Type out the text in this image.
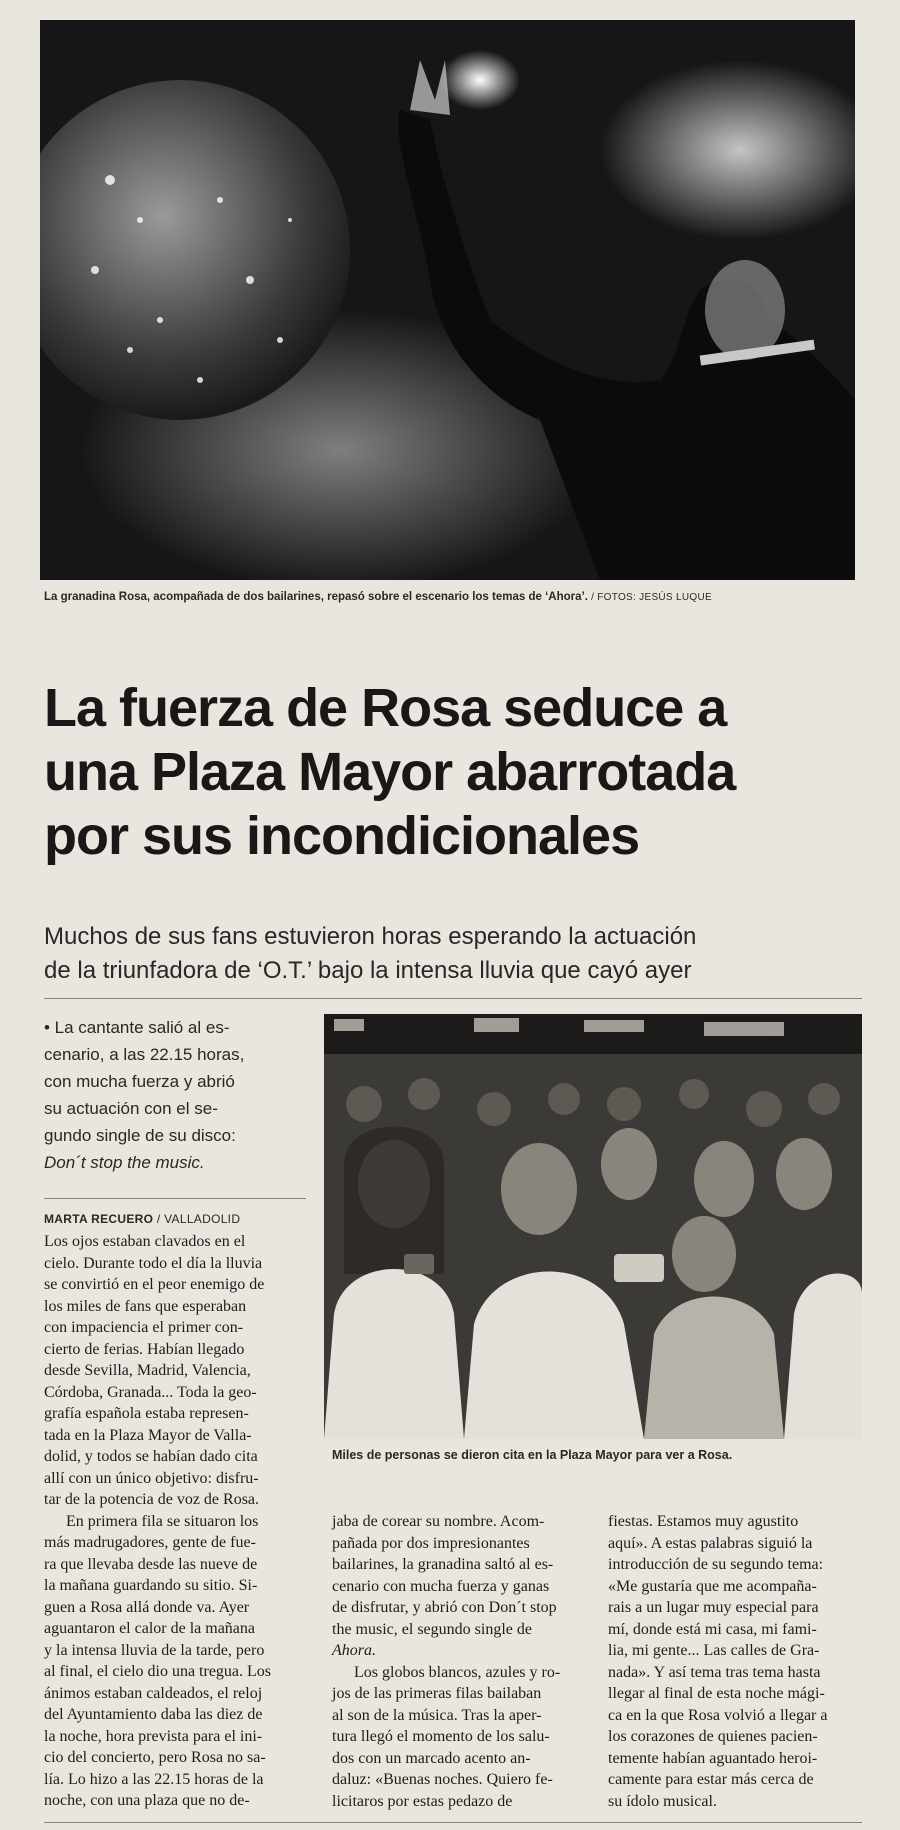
La granadina Rosa, acompañada de dos bailarines, repasó sobre el escenario los temas de ‘Ahora’. / FOTOS: JESÚS LUQUE
La fuerza de Rosa seduce a
una Plaza Mayor abarrotada
por sus incondicionales
Muchos de sus fans estuvieron horas esperando la actuación
de la triunfadora de ‘O.T.’ bajo la intensa lluvia que cayó ayer
• La cantante salió al es-
cenario, a las 22.15 horas,
con mucha fuerza y abrió
su actuación con el se-
gundo single de su disco:
Don´t stop the music.
MARTA RECUERO / VALLADOLID
Miles de personas se dieron cita en la Plaza Mayor para ver a Rosa.
Los ojos estaban clavados en el
cielo. Durante todo el día la lluvia
se convirtió en el peor enemigo de
los miles de fans que esperaban
con impaciencia el primer con-
cierto de ferias. Habían llegado
desde Sevilla, Madrid, Valencia,
Córdoba, Granada... Toda la geo-
grafía española estaba represen-
tada en la Plaza Mayor de Valla-
dolid, y todos se habían dado cita
allí con un único objetivo: disfru-
tar de la potencia de voz de Rosa.
En primera fila se situaron los
más madrugadores, gente de fue-
ra que llevaba desde las nueve de
la mañana guardando su sitio. Si-
guen a Rosa allá donde va. Ayer
aguantaron el calor de la mañana
y la intensa lluvia de la tarde, pero
al final, el cielo dio una tregua. Los
ánimos estaban caldeados, el reloj
del Ayuntamiento daba las diez de
la noche, hora prevista para el ini-
cio del concierto, pero Rosa no sa-
lía. Lo hizo a las 22.15 horas de la
noche, con una plaza que no de-
jaba de corear su nombre. Acom-
pañada por dos impresionantes
bailarines, la granadina saltó al es-
cenario con mucha fuerza y ganas
de disfrutar, y abrió con Don´t stop
the music, el segundo single de
Ahora.
Los globos blancos, azules y ro-
jos de las primeras filas bailaban
al son de la música. Tras la aper-
tura llegó el momento de los salu-
dos con un marcado acento an-
daluz: «Buenas noches. Quiero fe-
licitaros por estas pedazo de
fiestas. Estamos muy agustito
aquí». A estas palabras siguió la
introducción de su segundo tema:
«Me gustaría que me acompaña-
rais a un lugar muy especial para
mí, donde está mi casa, mi fami-
lia, mi gente... Las calles de Gra-
nada». Y así tema tras tema hasta
llegar al final de esta noche mági-
ca en la que Rosa volvió a llegar a
los corazones de quienes pacien-
temente habían aguantado heroi-
camente para estar más cerca de
su ídolo musical.
